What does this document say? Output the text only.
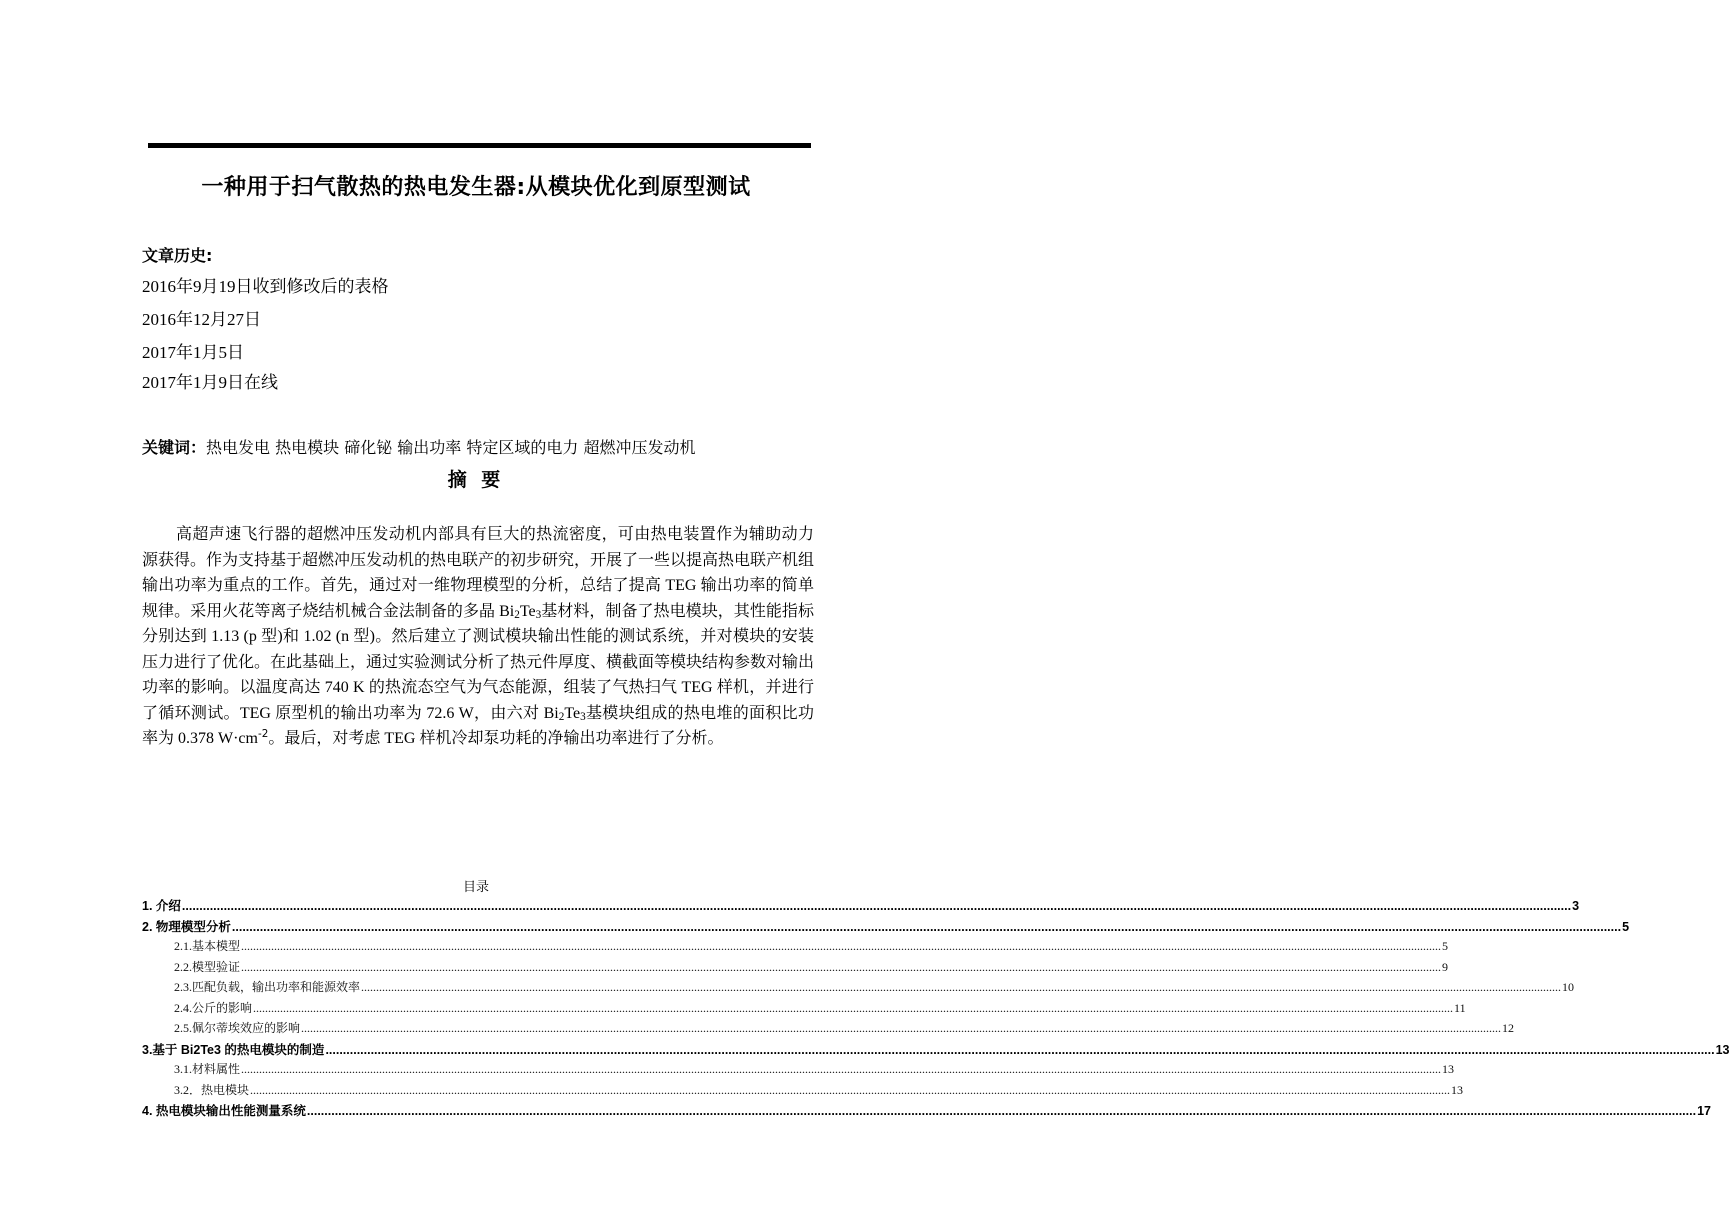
一种用于扫气散热的热电发生器:从模块优化到原型测试
文章历史:
2016年9月19日收到修改后的表格
2016年12月27日
2017年1月5日
2017年1月9日在线
关键词：热电发电 热电模块 碲化铋 输出功率 特定区域的电力 超燃冲压发动机
摘 要
高超声速飞行器的超燃冲压发动机内部具有巨大的热流密度，可由热电装置作为辅助动力源获得。作为支持基于超燃冲压发动机的热电联产的初步研究，开展了一些以提高热电联产机组输出功率为重点的工作。首先，通过对一维物理模型的分析，总结了提高 TEG 输出功率的简单规律。采用火花等离子烧结机械合金法制备的多晶 $Bi_2Te_3$基材料，制备了热电模块，其性能指标分别达到 1.13 (p 型)和 1.02 (n 型)。然后建立了测试模块输出性能的测试系统，并对模块的安装压力进行了优化。在此基础上，通过实验测试分析了热元件厚度、横截面等模块结构参数对输出功率的影响。以温度高达 740 K 的热流态空气为气态能源，组装了气热扫气 TEG 样机，并进行了循环测试。TEG 原型机的输出功率为 72.6 W，由六对 $Bi_2Te_3$基模块组成的热电堆的面积比功率为 0.378 $W\cdot cm^{-2}$。最后，对考虑 TEG 样机冷却泵功耗的净输出功率进行了分析。
目录
1. 介绍 ................................................................................................................................................................................................................................................................................................................................................................................................................ 3
2. 物理模型分析 ................................................................................................................................................................................................................................................................................................................................................................................................................ 5
2.1.基本模型 ................................................................................................................................................................................................................................................................................................................................................................................................................ 5
2.2.模型验证 ................................................................................................................................................................................................................................................................................................................................................................................................................ 9
2.3.匹配负载，输出功率和能源效率 ................................................................................................................................................................................................................................................................................................................................................................................................................ 10
2.4.公斤的影响 ................................................................................................................................................................................................................................................................................................................................................................................................................ 11
2.5.佩尔蒂埃效应的影响 ................................................................................................................................................................................................................................................................................................................................................................................................................ 12
3.基于 Bi2Te3 的热电模块的制造 ................................................................................................................................................................................................................................................................................................................................................................................................................ 13
3.1.材料属性 ................................................................................................................................................................................................................................................................................................................................................................................................................ 13
3.2．热电模块 ................................................................................................................................................................................................................................................................................................................................................................................................................ 13
4. 热电模块输出性能测量系统 ................................................................................................................................................................................................................................................................................................................................................................................................................ 17
